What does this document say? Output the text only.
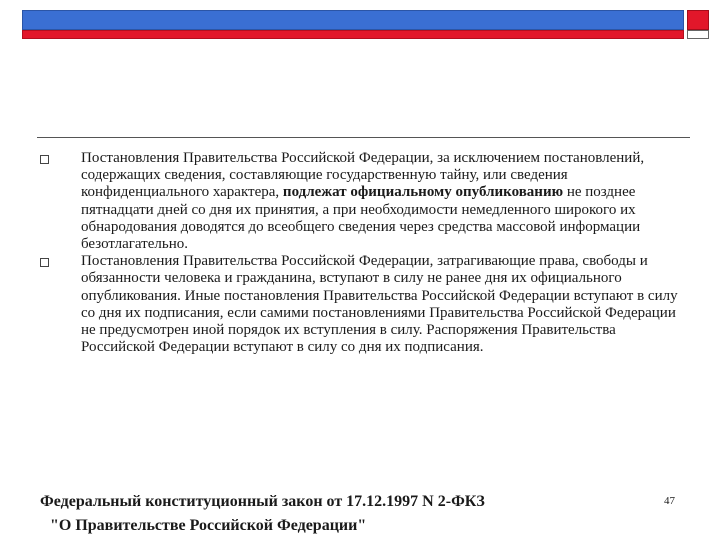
Постановления Правительства Российской Федерации, за исключением постановлений, содержащих сведения, составляющие государственную тайну, или сведения конфиденциального характера, подлежат официальному опубликованию не позднее пятнадцати дней со дня их принятия, а при необходимости немедленного широкого их обнародования доводятся до всеобщего сведения через средства массовой информации безотлагательно.
Постановления Правительства Российской Федерации, затрагивающие права, свободы и обязанности человека и гражданина, вступают в силу не ранее дня их официального опубликования. Иные постановления Правительства Российской Федерации вступают в силу со дня их подписания, если самими постановлениями Правительства Российской Федерации не предусмотрен иной порядок их вступления в силу. Распоряжения Правительства Российской Федерации вступают в силу со дня их подписания.
Федеральный конституционный закон от 17.12.1997 N 2-ФКЗ
"О Правительстве Российской Федерации"
47
